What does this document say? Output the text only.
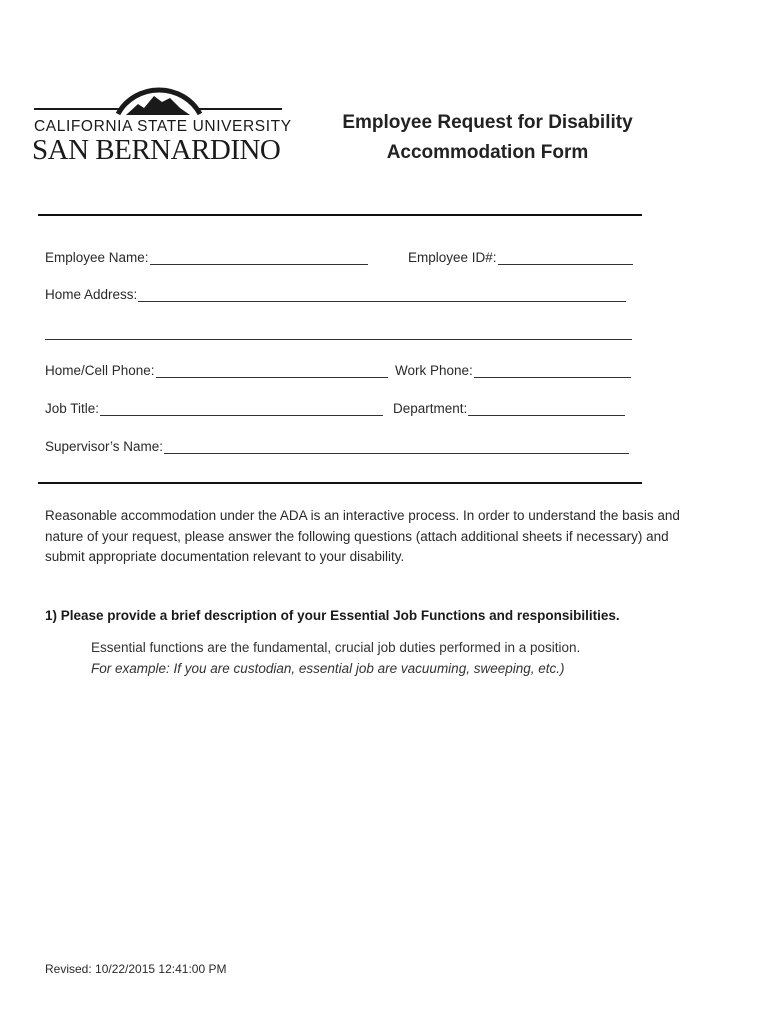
CALIFORNIA STATE UNIVERSITY
SAN BERNARDINO
Employee Request for Disability
Accommodation Form
Employee Name:	Employee ID#:
Home Address:
Home/Cell Phone:	Work Phone:
Job Title:	Department:
Supervisor’s Name:
Reasonable accommodation under the ADA is an interactive process. In order to understand the basis and
nature of your request, please answer the following questions (attach additional sheets if necessary) and
submit appropriate documentation relevant to your disability.
1) Please provide a brief description of your Essential Job Functions and responsibilities.
Essential functions are the fundamental, crucial job duties performed in a position.
For example: If you are custodian, essential job are vacuuming, sweeping, etc.)
Revised: 10/22/2015 12:41:00 PM
